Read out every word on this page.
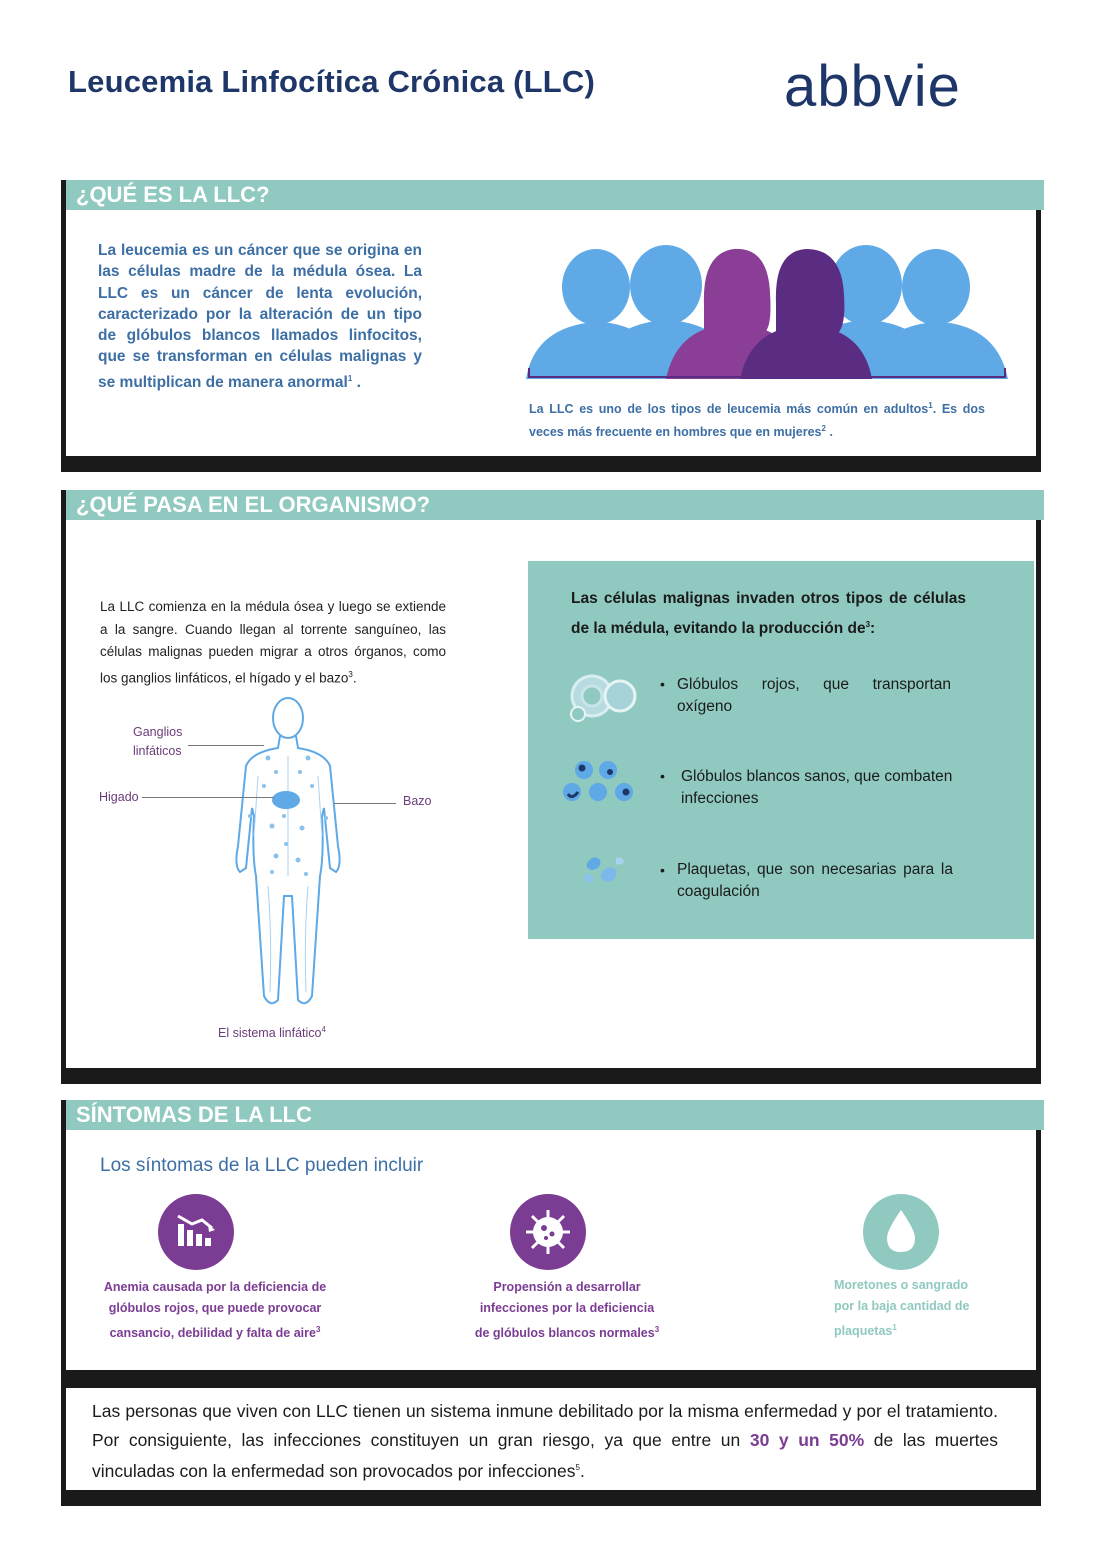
Leucemia Linfocítica Crónica (LLC)	abbvie
¿QUÉ ES LA LLC?
La leucemia es un cáncer que se origina en las células madre de la médula ósea. La LLC es un cáncer de lenta evolución, caracterizado por la alteración de un tipo de glóbulos blancos llamados linfocitos, que se transforman en células malignas y se multiplican de manera anormal$^1$ .
La LLC es uno de los tipos de leucemia más común en adultos$^1$. Es dos veces más frecuente en hombres que en mujeres$^2$ .
¿QUÉ PASA EN EL ORGANISMO?
La LLC comienza en la médula ósea y luego se extiende a la sangre. Cuando llegan al torrente sanguíneo, las células malignas pueden migrar a otros órganos, como los ganglios linfáticos, el hígado y el bazo$^3$.
Ganglios
linfáticos
Higado	Bazo
El sistema linfático$^4$
Las células malignas invaden otros tipos de células de la médula, evitando la producción $de^3$:
• Glóbulos rojos, que transportan oxígeno
• Glóbulos blancos sanos, que combaten infecciones
• Plaquetas, que son necesarias para la coagulación
SÍNTOMAS DE LA LLC
Los síntomas de la LLC pueden incluir
Anemia causada por la deficiencia de
glóbulos rojos, que puede provocar
cansancio, debilidad y falta de aire$^3$
Propensión a desarrollar
infecciones por la deficiencia
de glóbulos blancos normales$^3$
Moretones o sangrado
por la baja cantidad de
plaquetas$^1$
Las personas que viven con LLC tienen un sistema inmune debilitado por la misma enfermedad y por el tratamiento. Por consiguiente, las infecciones constituyen un gran riesgo, ya que entre un 30 y un 50% de las muertes vinculadas con la enfermedad son provocados por infecciones$^5$.
